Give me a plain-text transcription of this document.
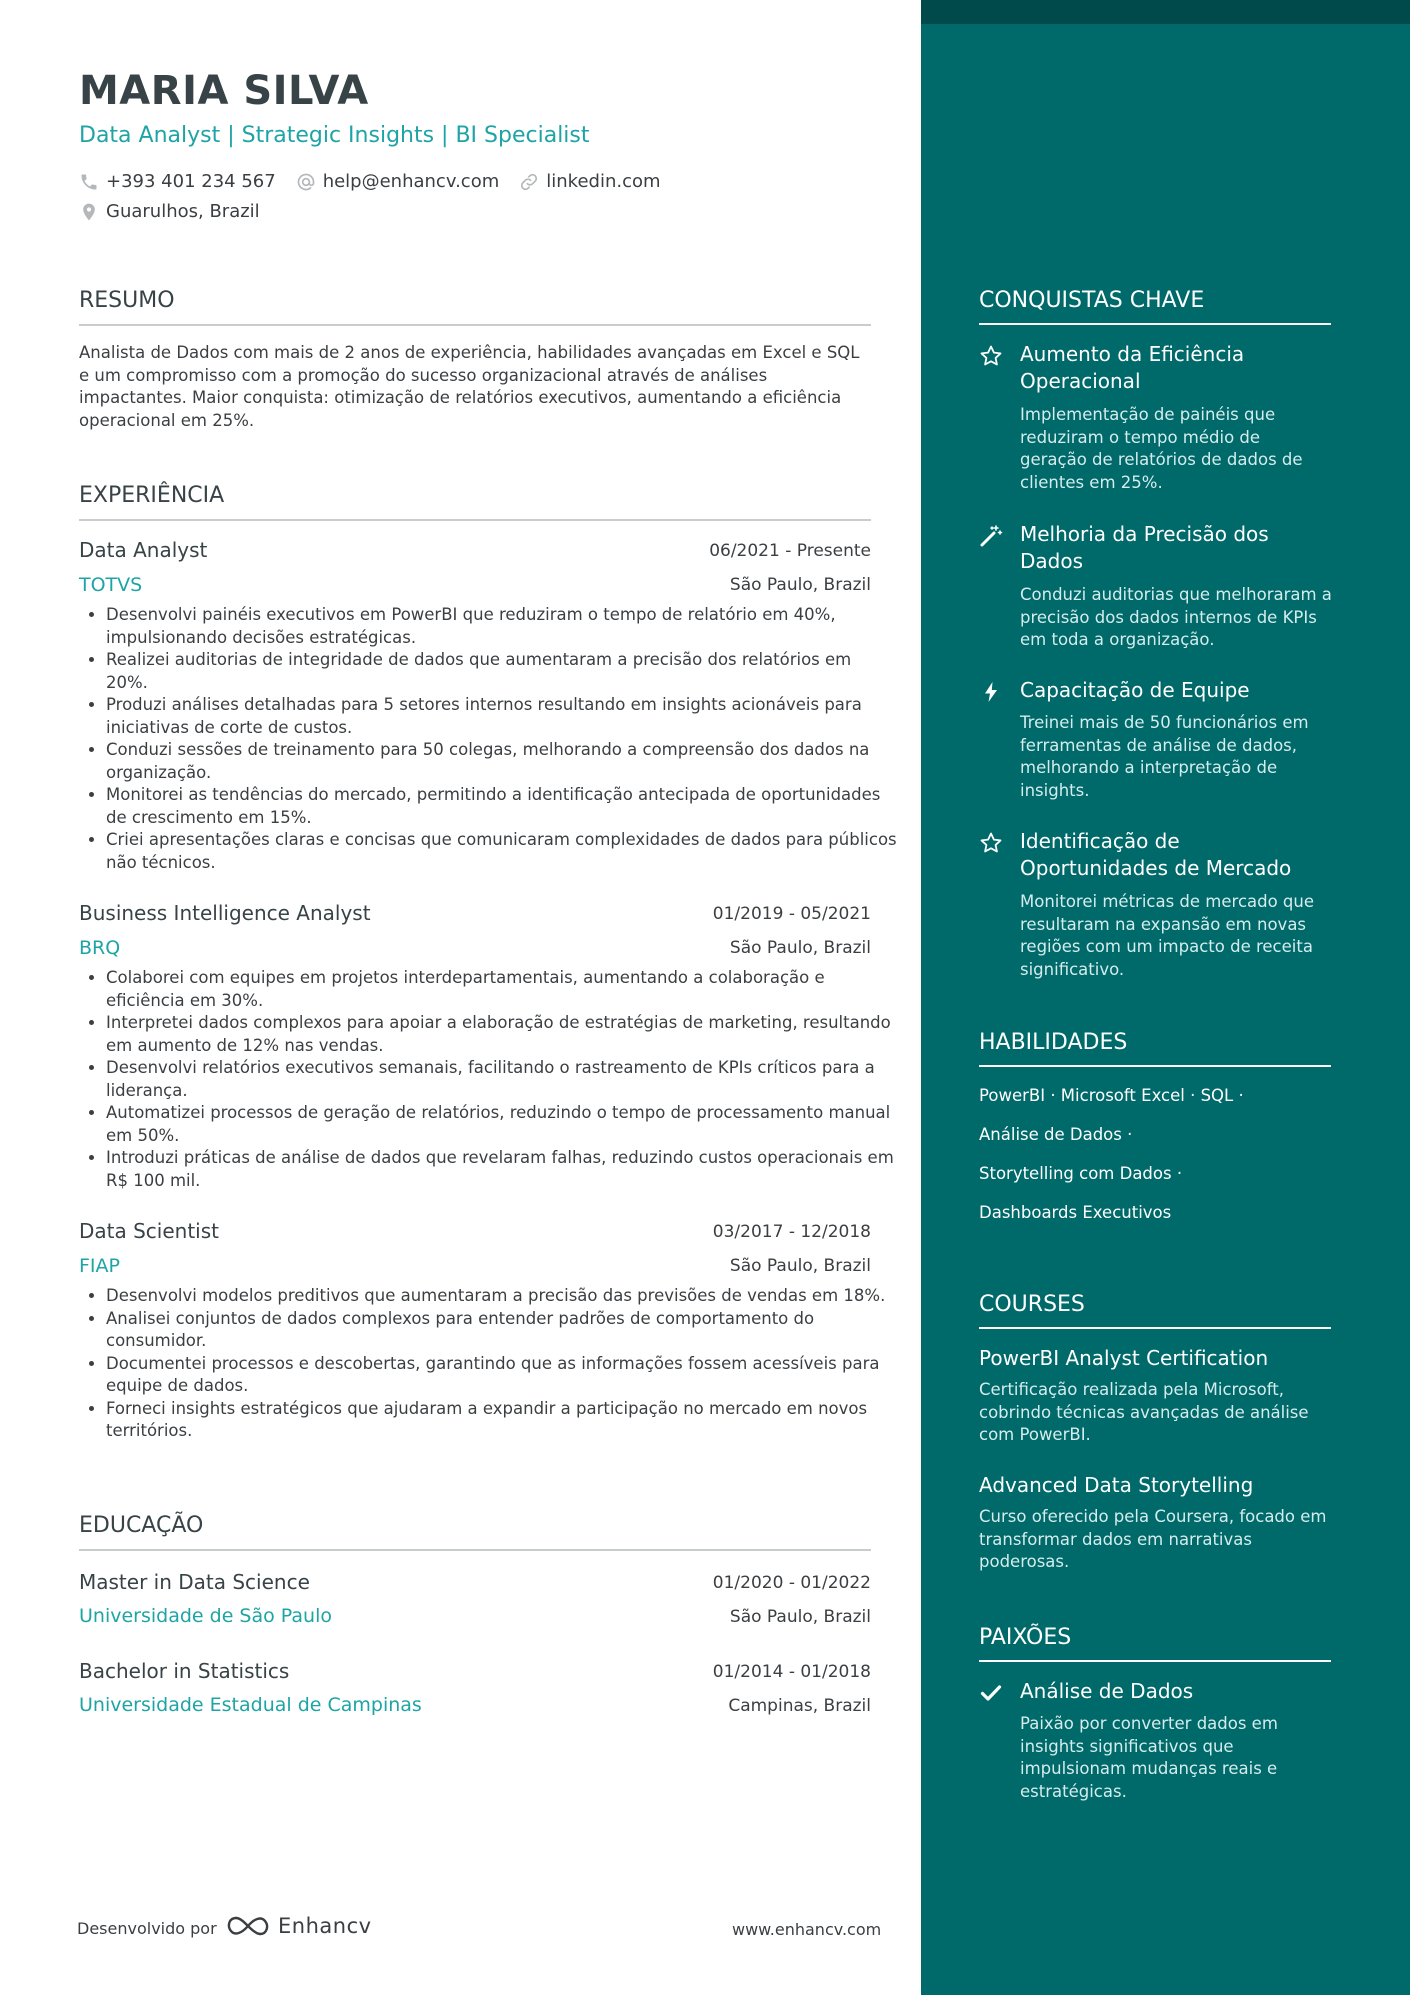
CONQUISTAS CHAVE
Aumento da Eficiência Operacional
Implementação de painéis que reduziram o tempo médio de geração de relatórios de dados de clientes em 25%.
Melhoria da Precisão dos Dados
Conduzi auditorias que melhoraram a precisão dos dados internos de KPIs em toda a organização.
Capacitação de Equipe
Treinei mais de 50 funcionários em ferramentas de análise de dados, melhorando a interpretação de insights.
Identificação de Oportunidades de Mercado
Monitorei métricas de mercado que resultaram na expansão em novas regiões com um impacto de receita significativo.
HABILIDADES
PowerBI · Microsoft Excel · SQL ·
Análise de Dados ·
Storytelling com Dados ·
Dashboards Executivos
COURSES
PowerBI Analyst Certification
Certificação realizada pela Microsoft, cobrindo técnicas avançadas de análise com PowerBI.
Advanced Data Storytelling
Curso oferecido pela Coursera, focado em transformar dados em narrativas poderosas.
PAIXÕES
Análise de Dados
Paixão por converter dados em insights significativos que impulsionam mudanças reais e estratégicas.
MARIA SILVA
Data Analyst | Strategic Insights | BI Specialist
+393 401 234 567	help@enhancv.com	linkedin.com
Guarulhos, Brazil
RESUMO

Analista de Dados com mais de 2 anos de experiência, habilidades avançadas em Excel e SQL e um compromisso com a promoção do sucesso organizacional através de análises impactantes. Maior conquista: otimização de relatórios executivos, aumentando a eficiência operacional em 25%.

EXPERIÊNCIA
Data Analyst	06/2021 - Presente
TOTVS	São Paulo, Brazil
• Desenvolvi painéis executivos em PowerBI que reduziram o tempo de relatório em 40%, impulsionando decisões estratégicas.
• Realizei auditorias de integridade de dados que aumentaram a precisão dos relatórios em 20%.
• Produzi análises detalhadas para 5 setores internos resultando em insights acionáveis para iniciativas de corte de custos.
• Conduzi sessões de treinamento para 50 colegas, melhorando a compreensão dos dados na organização.
• Monitorei as tendências do mercado, permitindo a identificação antecipada de oportunidades de crescimento em 15%.
• Criei apresentações claras e concisas que comunicaram complexidades de dados para públicos não técnicos.
Business Intelligence Analyst	01/2019 - 05/2021
BRQ	São Paulo, Brazil
• Colaborei com equipes em projetos interdepartamentais, aumentando a colaboração e eficiência em 30%.
• Interpretei dados complexos para apoiar a elaboração de estratégias de marketing, resultando em aumento de 12% nas vendas.
• Desenvolvi relatórios executivos semanais, facilitando o rastreamento de KPIs críticos para a liderança.
• Automatizei processos de geração de relatórios, reduzindo o tempo de processamento manual em 50%.
• Introduzi práticas de análise de dados que revelaram falhas, reduzindo custos operacionais em R$ 100 mil.
Data Scientist	03/2017 - 12/2018
FIAP	São Paulo, Brazil
• Desenvolvi modelos preditivos que aumentaram a precisão das previsões de vendas em 18%.
• Analisei conjuntos de dados complexos para entender padrões de comportamento do consumidor.
• Documentei processos e descobertas, garantindo que as informações fossem acessíveis para equipe de dados.
• Forneci insights estratégicos que ajudaram a expandir a participação no mercado em novos territórios.
EDUCAÇÃO
Master in Data Science	01/2020 - 01/2022
Universidade de São Paulo	São Paulo, Brazil
Bachelor in Statistics	01/2014 - 01/2018
Universidade Estadual de Campinas	Campinas, Brazil
Desenvolvido por	Enhancv	www.enhancv.com
